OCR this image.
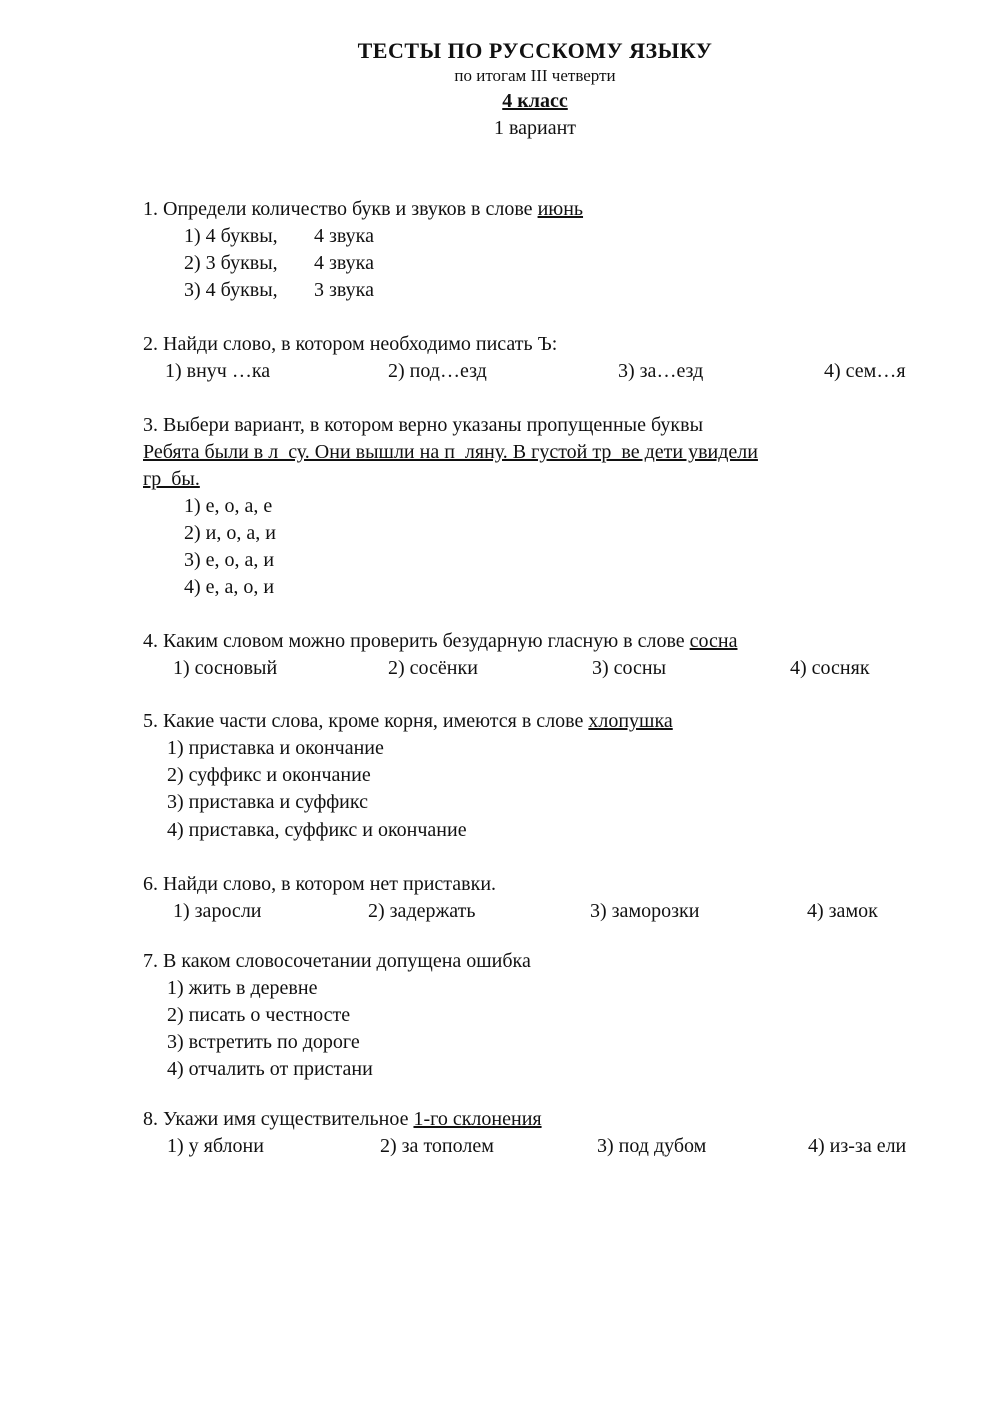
ТЕСТЫ ПО РУССКОМУ ЯЗЫКУ
по итогам III четверти
4 класс
1 вариант
1. Определи количество букв и звуков в слове июнь
1) 4 буквы, 4 звука
2) 3 буквы, 4 звука
3) 4 буквы, 3 звука
2. Найди слово, в котором необходимо писать Ъ:
1) внуч …ка	2) под…езд	3) за…езд	4) сем…я
3. Выбери вариант, в котором верно указаны пропущенные буквы
Ребята были в л_су. Они вышли на п_ляну. В густой тр_ве дети увидели
гр_бы.
1) е, о, а, е
2) и, о, а, и
3) е, о, а, и
4) е, а, о, и
4. Каким словом можно проверить безударную гласную в слове сосна
1) сосновый	2) сосёнки	3) сосны	4) сосняк
5. Какие части слова, кроме корня, имеются в слове хлопушка
1) приставка и окончание
2) суффикс и окончание
3) приставка и суффикс
4) приставка, суффикс и окончание
6. Найди слово, в котором нет приставки.
1) заросли	2) задержать	3) заморозки	4) замок
7. В каком словосочетании допущена ошибка
1) жить в деревне
2) писать о честносте
3) встретить по дороге
4) отчалить от пристани
8. Укажи имя существительное 1-го склонения
1) у яблони	2) за тополем	3) под дубом	4) из-за ели
